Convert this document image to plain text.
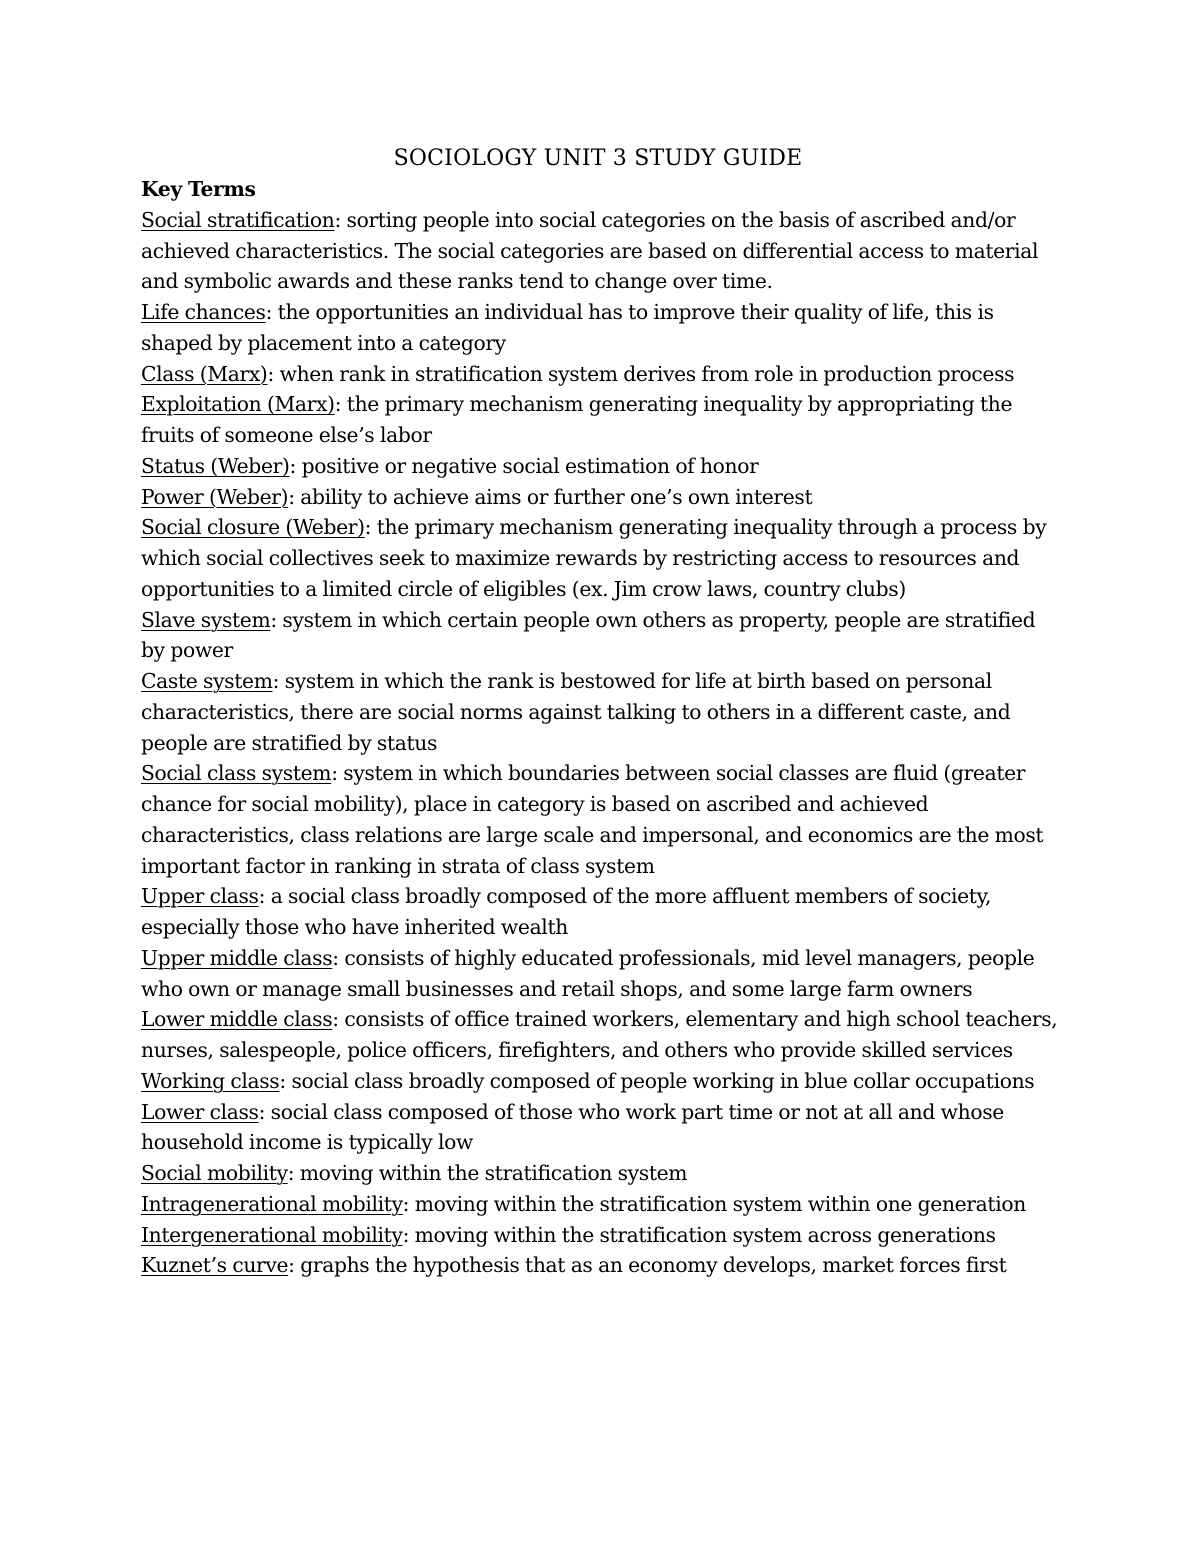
SOCIOLOGY UNIT 3 STUDY GUIDE
Key Terms
Social stratification: sorting people into social categories on the basis of ascribed and/or achieved characteristics. The social categories are based on differential access to material and symbolic awards and these ranks tend to change over time.
Life chances: the opportunities an individual has to improve their quality of life, this is shaped by placement into a category
Class (Marx): when rank in stratification system derives from role in production process
Exploitation (Marx): the primary mechanism generating inequality by appropriating the fruits of someone else’s labor
Status (Weber): positive or negative social estimation of honor
Power (Weber): ability to achieve aims or further one’s own interest
Social closure (Weber): the primary mechanism generating inequality through a process by which social collectives seek to maximize rewards by restricting access to resources and opportunities to a limited circle of eligibles (ex. Jim crow laws, country clubs)
Slave system: system in which certain people own others as property, people are stratified by power
Caste system: system in which the rank is bestowed for life at birth based on personal characteristics, there are social norms against talking to others in a different caste, and people are stratified by status
Social class system: system in which boundaries between social classes are fluid (greater chance for social mobility), place in category is based on ascribed and achieved characteristics, class relations are large scale and impersonal, and economics are the most important factor in ranking in strata of class system
Upper class: a social class broadly composed of the more affluent members of society, especially those who have inherited wealth
Upper middle class: consists of highly educated professionals, mid level managers, people who own or manage small businesses and retail shops, and some large farm owners
Lower middle class: consists of office trained workers, elementary and high school teachers, nurses, salespeople, police officers, firefighters, and others who provide skilled services
Working class: social class broadly composed of people working in blue collar occupations
Lower class: social class composed of those who work part time or not at all and whose household income is typically low
Social mobility: moving within the stratification system
Intragenerational mobility: moving within the stratification system within one generation
Intergenerational mobility: moving within the stratification system across generations
Kuznet’s curve: graphs the hypothesis that as an economy develops, market forces first
